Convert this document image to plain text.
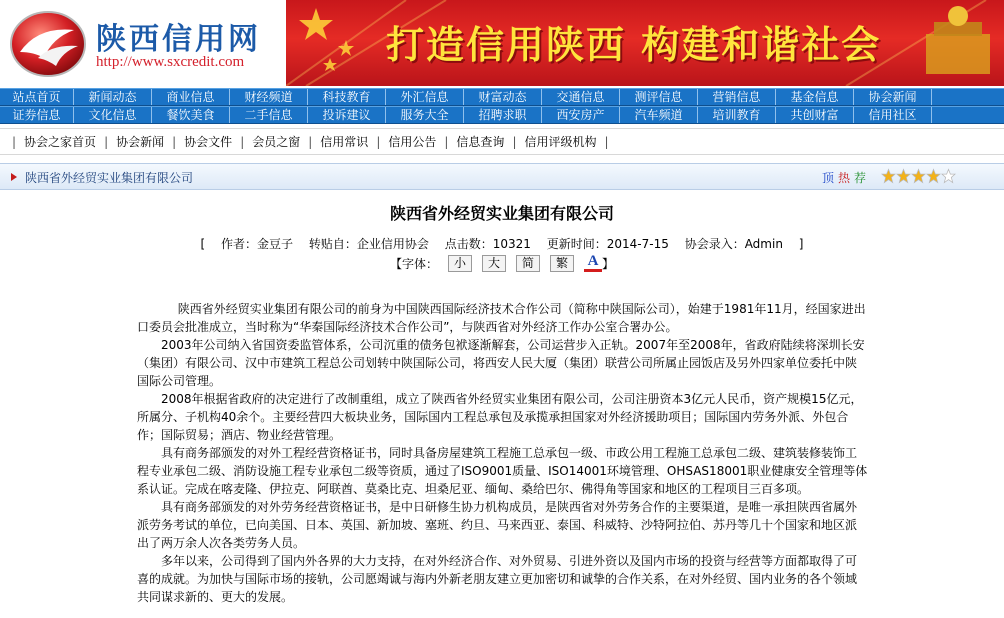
陕西信用网
http://www.sxcredit.com	打造信用陕西 构建和谐社会
站点首页	新闻动态	商业信息	财经频道	科技教育	外汇信息	财富动态	交通信息	测评信息	营销信息	基金信息	协会新闻
证券信息	文化信息	餐饮美食	二手信息	投诉建议	服务大全	招聘求职	西安房产	汽车频道	培训教育	共创财富	信用社区
| 协会之家首页 | 协会新闻 | 协会文件 | 会员之窗 | 信用常识 | 信用公告 | 信息查询 | 信用评级机构 |
陕西省外经贸实业集团有限公司	顶 热 荐
陕西省外经贸实业集团有限公司
[ 作者：金豆子 转贴自：企业信用协会 点击数：10321 更新时间：2014-7-15 协会录入：Admin ]
【字体：	小	大	简	繁	A 】

陕西省外经贸实业集团有限公司的前身为中国陕西国际经济技术合作公司（简称中陕国际公司），始建于1981年11月，经国家进出口委员会批准成立，当时称为“华秦国际经济技术合作公司”，与陕西省对外经济工作办公室合署办公。

2003年公司纳入省国资委监管体系，公司沉重的债务包袱逐渐解套，公司运营步入正轨。2007年至2008年，省政府陆续将深圳长安（集团）有限公司、汉中市建筑工程总公司划转中陕国际公司，将西安人民大厦（集团）联营公司所属止园饭店及另外四家单位委托中陕国际公司管理。

2008年根据省政府的决定进行了改制重组，成立了陕西省外经贸实业集团有限公司，公司注册资本3亿元人民币，资产规模15亿元，所属分、子机构40余个。主要经营四大板块业务，国际国内工程总承包及承揽承担国家对外经济援助项目；国际国内劳务外派、外包合作；国际贸易；酒店、物业经营管理。

具有商务部颁发的对外工程经营资格证书，同时具备房屋建筑工程施工总承包一级、市政公用工程施工总承包二级、建筑装修装饰工程专业承包二级、消防设施工程专业承包二级等资质，通过了ISO9001质量、ISO14001环境管理、OHSAS18001职业健康安全管理等体系认证。完成在喀麦隆、伊拉克、阿联酋、莫桑比克、坦桑尼亚、缅甸、桑给巴尔、佛得角等国家和地区的工程项目三百多项。

具有商务部颁发的对外劳务经营资格证书，是中日研修生协力机构成员，是陕西省对外劳务合作的主要渠道，是唯一承担陕西省属外派劳务考试的单位，已向美国、日本、英国、新加坡、塞班、约旦、马来西亚、泰国、科威特、沙特阿拉伯、苏丹等几十个国家和地区派出了两万余人次各类劳务人员。

多年以来，公司得到了国内外各界的大力支持，在对外经济合作、对外贸易、引进外资以及国内市场的投资与经营等方面都取得了可喜的成就。为加快与国际市场的接轨，公司愿竭诚与海内外新老朋友建立更加密切和诚挚的合作关系，在对外经贸、国内业务的各个领域共同谋求新的、更大的发展。
